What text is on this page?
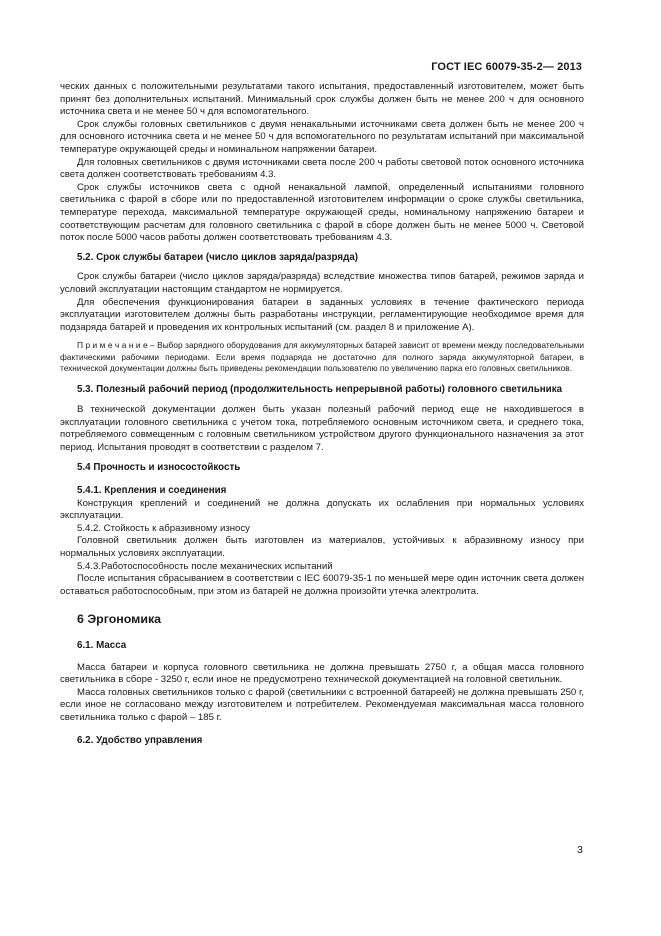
ГОСТ IEC 60079-35-2— 2013

ческих данных с положительными результатами такого испытания, предоставленный изготовителем, может быть принят без дополнительных испытаний. Минимальный срок службы должен быть не менее 200 ч для основного источника света и не менее 50 ч для вспомогательного.

Срок службы головных светильников с двумя ненакальными источниками света должен быть не менее 200 ч для основного источника света и не менее 50 ч для вспомогательного по результатам испытаний при максимальной температуре окружающей среды и номинальном напряжении батареи.

Для головных светильников с двумя источниками света после 200 ч работы световой поток основного источника света должен соответствовать требованиям 4.3.

Срок службы источников света с одной ненакальной лампой, определенный испытаниями головного светильника с фарой в сборе или по предоставленной изготовителем информации о сроке службы светильника, температуре перехода, максимальной температуре окружающей среды, номинальному напряжению батареи и соответствующим расчетам для головного светильника с фарой в сборе должен быть не менее 5000 ч. Световой поток после 5000 часов работы должен соответствовать требованиям 4.3.

5.2. Срок службы батареи (число циклов заряда/разряда)

Срок службы батареи (число циклов заряда/разряда) вследствие множества типов батарей, режимов заряда и условий эксплуатации настоящим стандартом не нормируется.

Для обеспечения функционирования батареи в заданных условиях в течение фактического периода эксплуатации изготовителем должны быть разработаны инструкции, регламентирующие необходимое время для подзаряда батарей и проведения их контрольных испытаний (см. раздел 8 и приложение А).

П р и м е ч а н и е – Выбор зарядного оборудования для аккумуляторных батарей зависит от времени между последовательными фактическими рабочими периодами. Если время подзаряда не достаточно для полного заряда аккумуляторной батареи, в технической документации должны быть приведены рекомендации пользователю по увеличению парка его головных светильников.

5.3. Полезный рабочий период (продолжительность непрерывной работы) головного светильника

В технической документации должен быть указан полезный рабочий период еще не находившегося в эксплуатации головного светильника с учетом тока, потребляемого основным источником света, и среднего тока, потребляемого совмещенным с головным светильником устройством другого функционального назначения за этот период. Испытания проводят в соответствии с разделом 7.

5.4 Прочность и износостойкость

5.4.1. Крепления и соединения

Конструкция креплений и соединений не должна допускать их ослабления при нормальных условиях эксплуатации.

5.4.2. Стойкость к абразивному износу

Головной светильник должен быть изготовлен из материалов, устойчивых к абразивному износу при нормальных условиях эксплуатации.

5.4.3.Работоспособность после механических испытаний

После испытания сбрасыванием в соответствии с IEC 60079-35-1 по меньшей мере один источник света должен оставаться работоспособным, при этом из батарей не должна произойти утечка электролита.

6 Эргономика

6.1. Масса

Масса батареи и корпуса головного светильника не должна превышать 2750 г, а общая масса головного светильника в сборе - 3250 г, если иное не предусмотрено технической документацией на головной светильник.

Масса головных светильников только с фарой (светильники с встроенной батареей) не должна превышать 250 г, если иное не согласовано между изготовителем и потребителем. Рекомендуемая максимальная масса головного светильника только с фарой – 185 г.

6.2. Удобство управления

3
